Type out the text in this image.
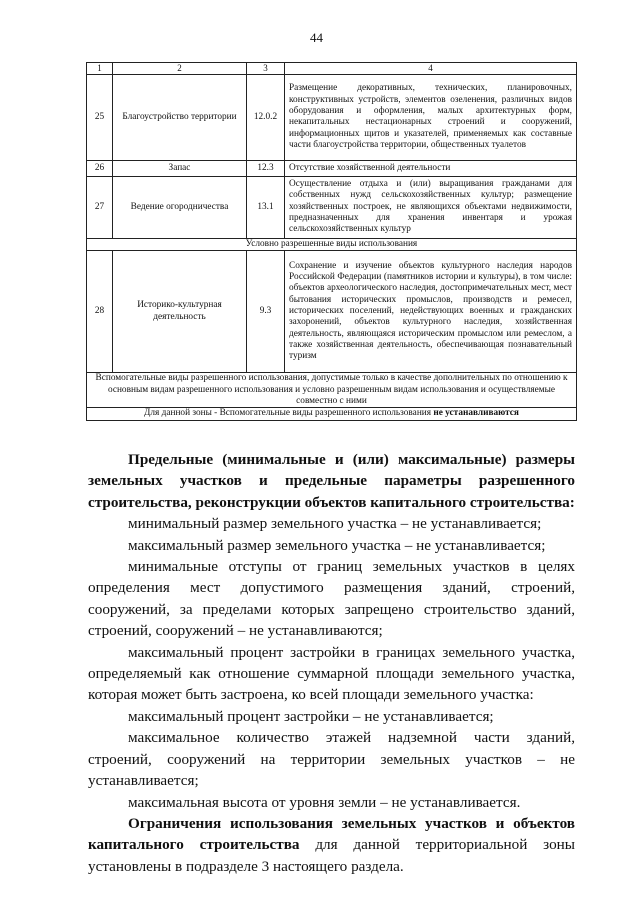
44
1	2	3	4
25	Благоустройство территории	12.0.2	Размещение декоративных, технических, планировочных, конструктивных устройств, элементов озеленения, различных видов оборудования и оформления, малых архитектурных форм, некапитальных нестационарных строений и сооружений, информационных щитов и указателей, применяемых как составные части благоустройства территории, общественных туалетов
26	Запас	12.3	Отсутствие хозяйственной деятельности
27	Ведение огородничества	13.1	Осуществление отдыха и (или) выращивания гражданами для собственных нужд сельскохозяйственных культур; размещение хозяйственных построек, не являющихся объектами недвижимости, предназначенных для хранения инвентаря и урожая сельскохозяйственных культур
Условно разрешенные виды использования			
28	Историко-культурная деятельность	9.3	Сохранение и изучение объектов культурного наследия народов Российской Федерации (памятников истории и культуры), в том числе: объектов археологического наследия, достопримечательных мест, мест бытования исторических промыслов, производств и ремесел, исторических поселений, недействующих военных и гражданских захоронений, объектов культурного наследия, хозяйственная деятельность, являющаяся историческим промыслом или ремеслом, а также хозяйственная деятельность, обеспечивающая познавательный туризм
Вспомогательные виды разрешенного использования, допустимые только в качестве дополнительных по отношению к основным видам разрешенного использования и условно разрешенным видам использования и осуществляемые совместно с ними			
Для данной зоны - Вспомогательные виды разрешенного использования не устанавливаются			

Предельные (минимальные и (или) максимальные) размеры земельных участков и предельные параметры разрешенного строительства, реконструкции объектов капитального строительства:

минимальный размер земельного участка – не устанавливается;

максимальный размер земельного участка – не устанавливается;

минимальные отступы от границ земельных участков в целях определения мест допустимого размещения зданий, строений, сооружений, за пределами которых запрещено строительство зданий, строений, сооружений – не устанавливаются;

максимальный процент застройки в границах земельного участка, определяемый как отношение суммарной площади земельного участка, которая может быть застроена, ко всей площади земельного участка:

максимальный процент застройки – не устанавливается;

максимальное количество этажей надземной части зданий, строений, сооружений на территории земельных участков – не устанавливается;

максимальная высота от уровня земли – не устанавливается.

Ограничения использования земельных участков и объектов капитального строительства для данной территориальной зоны установлены в подразделе 3 настоящего раздела.
